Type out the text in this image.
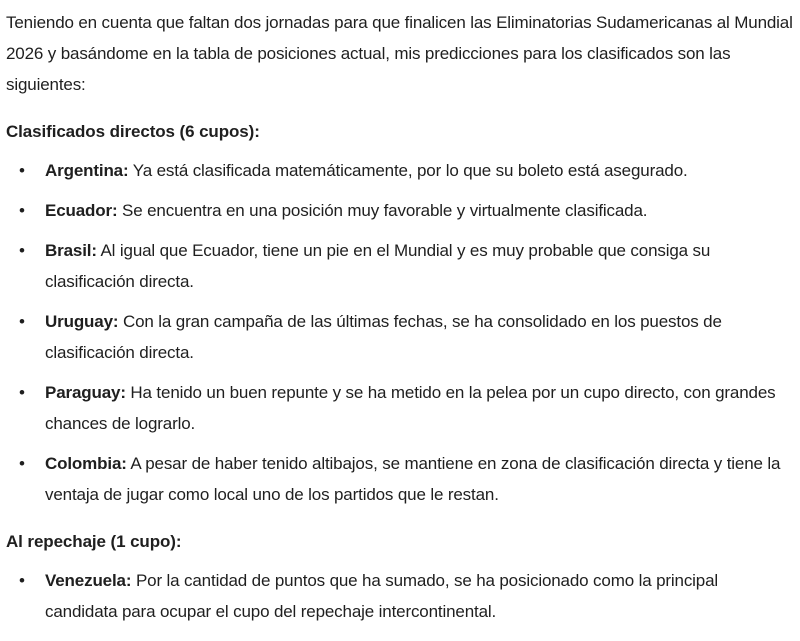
Teniendo en cuenta que faltan dos jornadas para que finalicen las Eliminatorias Sudamericanas al Mundial 2026 y basándome en la tabla de posiciones actual, mis predicciones para los clasificados son las siguientes:

Clasificados directos (6 cupos):

• Argentina: Ya está clasificada matemáticamente, por lo que su boleto está asegurado.
• Ecuador: Se encuentra en una posición muy favorable y virtualmente clasificada.
• Brasil: Al igual que Ecuador, tiene un pie en el Mundial y es muy probable que consiga su clasificación directa.
• Uruguay: Con la gran campaña de las últimas fechas, se ha consolidado en los puestos de clasificación directa.
• Paraguay: Ha tenido un buen repunte y se ha metido en la pelea por un cupo directo, con grandes chances de lograrlo.
• Colombia: A pesar de haber tenido altibajos, se mantiene en zona de clasificación directa y tiene la ventaja de jugar como local uno de los partidos que le restan.

Al repechaje (1 cupo):

• Venezuela: Por la cantidad de puntos que ha sumado, se ha posicionado como la principal candidata para ocupar el cupo del repechaje intercontinental.
